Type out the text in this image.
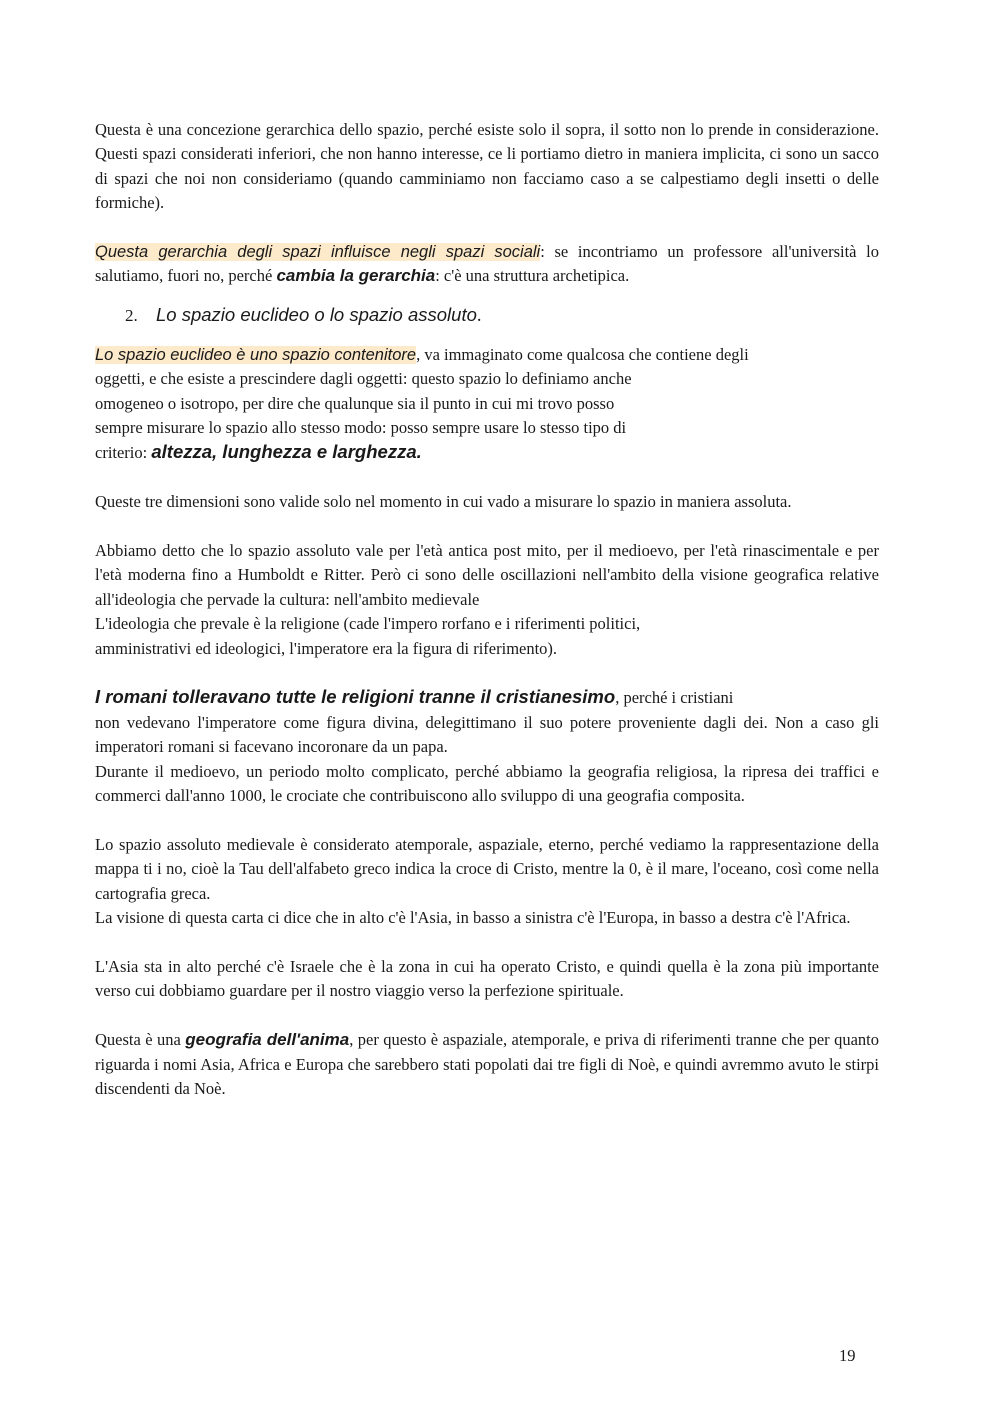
Questa è una concezione gerarchica dello spazio, perché esiste solo il sopra, il sotto non lo prende in considerazione. Questi spazi considerati inferiori, che non hanno interesse, ce li portiamo dietro in maniera implicita, ci sono un sacco di spazi che noi non consideriamo (quando camminiamo non facciamo caso a se calpestiamo degli insetti o delle formiche).

Questa gerarchia degli spazi influisce negli spazi sociali: se incontriamo un professore all'università lo salutiamo, fuori no, perché cambia la gerarchia: c'è una struttura archetipica.

2. Lo spazio euclideo o lo spazio assoluto.

Lo spazio euclideo è uno spazio contenitore, va immaginato come qualcosa che contiene degli
oggetti, e che esiste a prescindere dagli oggetti: questo spazio lo definiamo anche
omogeneo o isotropo, per dire che qualunque sia il punto in cui mi trovo posso
sempre misurare lo spazio allo stesso modo: posso sempre usare lo stesso tipo di
criterio: altezza, lunghezza e larghezza.

Queste tre dimensioni sono valide solo nel momento in cui vado a misurare lo spazio in maniera assoluta.

Abbiamo detto che lo spazio assoluto vale per l'età antica post mito, per il medioevo, per l'età rinascimentale e per l'età moderna fino a Humboldt e Ritter. Però ci sono delle oscillazioni nell'ambito della visione geografica relative all'ideologia che pervade la cultura: nell'ambito medievale
L'ideologia che prevale è la religione (cade l'impero rorfano e i riferimenti politici,
amministrativi ed ideologici, l'imperatore era la figura di riferimento).

I romani tolleravano tutte le religioni tranne il cristianesimo, perché i cristiani
non vedevano l'imperatore come figura divina, delegittimano il suo potere proveniente dagli dei. Non a caso gli imperatori romani si facevano incoronare da un papa.
Durante il medioevo, un periodo molto complicato, perché abbiamo la geografia religiosa, la ripresa dei traffici e commerci dall'anno 1000, le crociate che contribuiscono allo sviluppo di una geografia composita.

Lo spazio assoluto medievale è considerato atemporale, aspaziale, eterno, perché vediamo la rappresentazione della mappa ti i no, cioè la Tau dell'alfabeto greco indica la croce di Cristo, mentre la 0, è il mare, l'oceano, così come nella cartografia greca.
La visione di questa carta ci dice che in alto c'è l'Asia, in basso a sinistra c'è l'Europa, in basso a destra c'è l'Africa.

L'Asia sta in alto perché c'è Israele che è la zona in cui ha operato Cristo, e quindi quella è la zona più importante verso cui dobbiamo guardare per il nostro viaggio verso la perfezione spirituale.

Questa è una geografia dell'anima, per questo è aspaziale, atemporale, e priva di riferimenti tranne che per quanto riguarda i nomi Asia, Africa e Europa che sarebbero stati popolati dai tre figli di Noè, e quindi avremmo avuto le stirpi discendenti da Noè.

19
